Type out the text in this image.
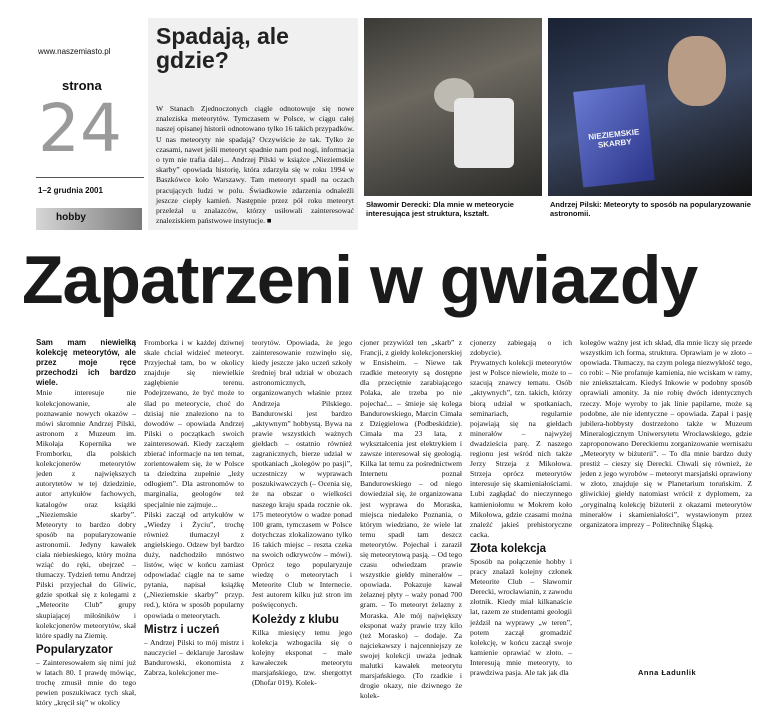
www.naszemiasto.pl
strona
24
1–2 grudnia 2001
hobby
Spadają, ale gdzie?

W Stanach Zjednoczonych ciągle odnotowuje się nowe znaleziska meteorytów. Tymczasem w Polsce, w ciągu całej naszej opisanej historii odnotowano tylko 16 takich przypadków. U nas meteoryty nie spadają? Oczywiście że tak. Tylko że czasami, nawet jeśli meteoryt spadnie nam pod nogi, informacja o tym nie trafia dalej... Andrzej Pilski w książce „Nieziemskie skarby” opowiada historię, która zdarzyła się w roku 1994 w Baszkówce koło Warszawy. Tam meteoryt spadł na oczach pracujących ludzi w polu. Świadkowie zdarzenia odnaleźli jeszcze ciepły kamień. Następnie przez pół roku meteoryt przeleżał u znalazców, którzy usiłowali zainteresować znaleziskiem państwowe instytucje. ■

NIEZIEMSKIE SKARBY
Sławomir Derecki: Dla mnie w meteorycie interesująca jest struktura, kształt.
Andrzej Pilski: Meteoryty to sposób na popularyzowanie astronomii.
Zapatrzeni w gwiazdy

Sam mam niewielką kolekcję meteorytów, ale przez moje ręce przechodzi ich bardzo wiele.

Mnie interesuje nie kolekcjonowanie, ale poznawanie nowych okazów – mówi skromnie Andrzej Pilski, astronom z Muzeum im. Mikołaja Kopernika we Fromborku, dla polskich kolekcjonerów meteorytów jeden z największych autorytetów w tej dziedzinie, autor artykułów fachowych, katalogów oraz książki „Nieziemskie skarby”. Meteoryty to bardzo dobry sposób na popularyzowanie astronomii. Jedyny kawałek ciała niebieskiego, który można wziąć do ręki, obejrzeć – tłumaczy. Tydzień temu Andrzej Pilski przyjechał do Gliwic, gdzie spotkał się z kolegami z „Meteorite Club” grupy skupiającej miłośników i kolekcjonerów meteorytów, skał które spadły na Ziemię.

Popularyzator

– Zainteresowałem się nimi już w latach 80. I prawdę mówiąc, trochę zmusił mnie do tego pewien poszukiwacz tych skał, który „kręcił się” w okolicy

Fromborka i w każdej dziwnej skale chciał widzieć meteoryt. Przyjechał tam, bo w okolicy znajduje się niewielkie zagłębienie terenu. Podejrzewano, że być może to ślad po meteorycie, choć do dzisiaj nie znaleziono na to dowodów – opowiada Andrzej Pilski o początkach swoich zainteresowań. Kiedy zacząłem zbierać informacje na ten temat, zorientowałem się, że w Polsce ta dziedzina zupełnie „leży odłogiem”. Dla astronomów to marginalia, geologów też specjalnie nie zajmuje...

Pilski zaczął od artykułów w „Wiedzy i Życiu”, trochę również tłumaczył z angielskiego. Odzew był bardzo duży, nadchodziło mnóstwo listów, więc w końcu zamiast odpowiadać ciągle na te same pytania, napisał książkę („Nieziemskie skarby” przyp. red.), która w sposób popularny opowiada o meteorytach.

Mistrz i uczeń

– Andrzej Pilski to mój mistrz i nauczyciel – deklaruje Jarosław Bandurowski, ekonomista z Zabrza, kolekcjoner me-

teorytów. Opowiada, że jego zainteresowanie rozwinęło się, kiedy jeszcze jako uczeń szkoły średniej brał udział w obozach astronomicznych, organizowanych właśnie przez Andrzeja Pilskiego. Bandurowski jest bardzo „aktywnym” hobbystą. Bywa na prawie wszystkich ważnych giełdach – ostatnio również zagranicznych, bierze udział w spotkaniach „kolegów po pasji”, uczestniczy w wyprawach poszukiwawczych (– Ocenia się, że na obszar o wielkości naszego kraju spada rocznie ok. 175 meteorytów o wadze ponad 100 gram, tymczasem w Polsce dotychczas zlokalizowano tylko 16 takich miejsc – reszta czeka na swoich odkrywców – mówi). Oprócz tego popularyzuje wiedzę o meteorytach i Meteorite Club w Internecie. Jest autorem kilku już stron im poświęconych.

Koleżdy z klubu

Kilka miesięcy temu jego kolekcja wzbogaciła się o kolejny eksponat – małe kawałeczek meteorytu marsjańskiego, tzw. shergottyt (Dhofar 019). Kolek-

cjoner przywiózł ten „skarb” z Francji, z giełdy kolekcjonerskiej w Ensisheim. – Niewe tak rzadkie meteoryty są dostępne dla przeciętnie zarabiającego Polaka, ale trzeba po nie pojechać... – śmieje się kolega Bandurowskiego, Marcin Cimała z Dzięgielowa (Podbeskidzie). Cimała ma 23 lata, z wykształcenia jest elektrykiem i zawsze interesował się geologią. Kilka lat temu za pośrednictwem Internetu poznał Bandurowskiego – od niego dowiedział się, że organizowana jest wyprawa do Moraska, miejsca niedaleko Poznania, o którym wiedziano, że wiele lat temu spadł tam deszcz meteorytów. Pojechał i zaraził się meteorytową pasją. – Od tego czasu odwiedzam prawie wszystkie giełdy minerałów – opowiada. Pokazuje kawał żelaznej płyty – waży ponad 700 gram. – To meteoryt żelazny z Moraska. Ale mój największy eksponat waży prawie trzy kilo (też Morasko) – dodaje. Za najciekawszy i najcenniejszy ze swojej kolekcji uważa jednak malutki kawałek meteorytu marsjańskiego. (To rzadkie i drogie okazy, nie dziwnego że kolek-

cjonerzy zabiegają o ich zdobycie).

Prywatnych kolekcji meteorytów jest w Polsce niewiele, może to – szacują znawcy tematu. Osób „aktywnych”, tzn. takich, którzy biorą udział w spotkaniach, seminariach, regularnie pojawiają się na giełdach minerałów – najwyżej dwadzieścia parę. Z naszego regionu jest wśród nich także Jerzy Strzeja z Mikołowa. Strzeja oprócz meteorytów interesuje się skamieniałościami. Lubi zagłądać do nieczynnego kamieniołomu w Mokrem koło Mikołowa, gdzie czasami można znaleźć jakieś prehistoryczne cacka.

Złota kolekcja

Sposób na połączenie hobby i pracy znalazł kolejny członek Meteorite Club – Sławomir Derecki, wrocławianin, z zawodu złotnik. Kiedy miał kilkanaście lat, razem ze studentami geologii jeździł na wyprawy „w teren”, potem zaczął gromadzić kolekcję, w końcu zaczął swoje kamienie oprawiać w złoto. – Interesują mnie meteoryty, to prawdziwa pasja. Ale tak jak dla

kolegów ważny jest ich skład, dla mnie liczy się przede wszystkim ich forma, struktura. Oprawiam je w złoto – opowiada. Tłumaczy, na czym polega niezwykłość tego, co robi: – Nie profanuje kamienia, nie wciskam w ramy, nie zniekształcam. Kiedyś Inkowie w podobny sposób oprawiali amonity. Ja nie robię dwóch identycznych rzeczy. Moje wyroby to jak linie papilarne, może są podobne, ale nie identyczne – opowiada. Zapał i pasję jubilera-hobbysty dostrzeżono także w Muzeum Mineralogicznym Uniwersytetu Wrocławskiego, gdzie zaproponowano Dereckiemu zorganizowanie wernisażu „Meteoryty w biżuterii”. – To dla mnie bardzo duży prestiż – cieszy się Derecki. Chwali się również, że jeden z jego wyrobów – meteoryt marsjański oprawiony w złoto, znajduje się w Planetarium toruńskim. Z gliwickiej giełdy natomiast wrócił z dyplomem, za „oryginalną kolekcję biżuterii z okazami meteorytów minerałów i skamieniałości”, wystawionym przez organizatora imprezy – Politechnikę Śląską.

Anna Ładunlik
